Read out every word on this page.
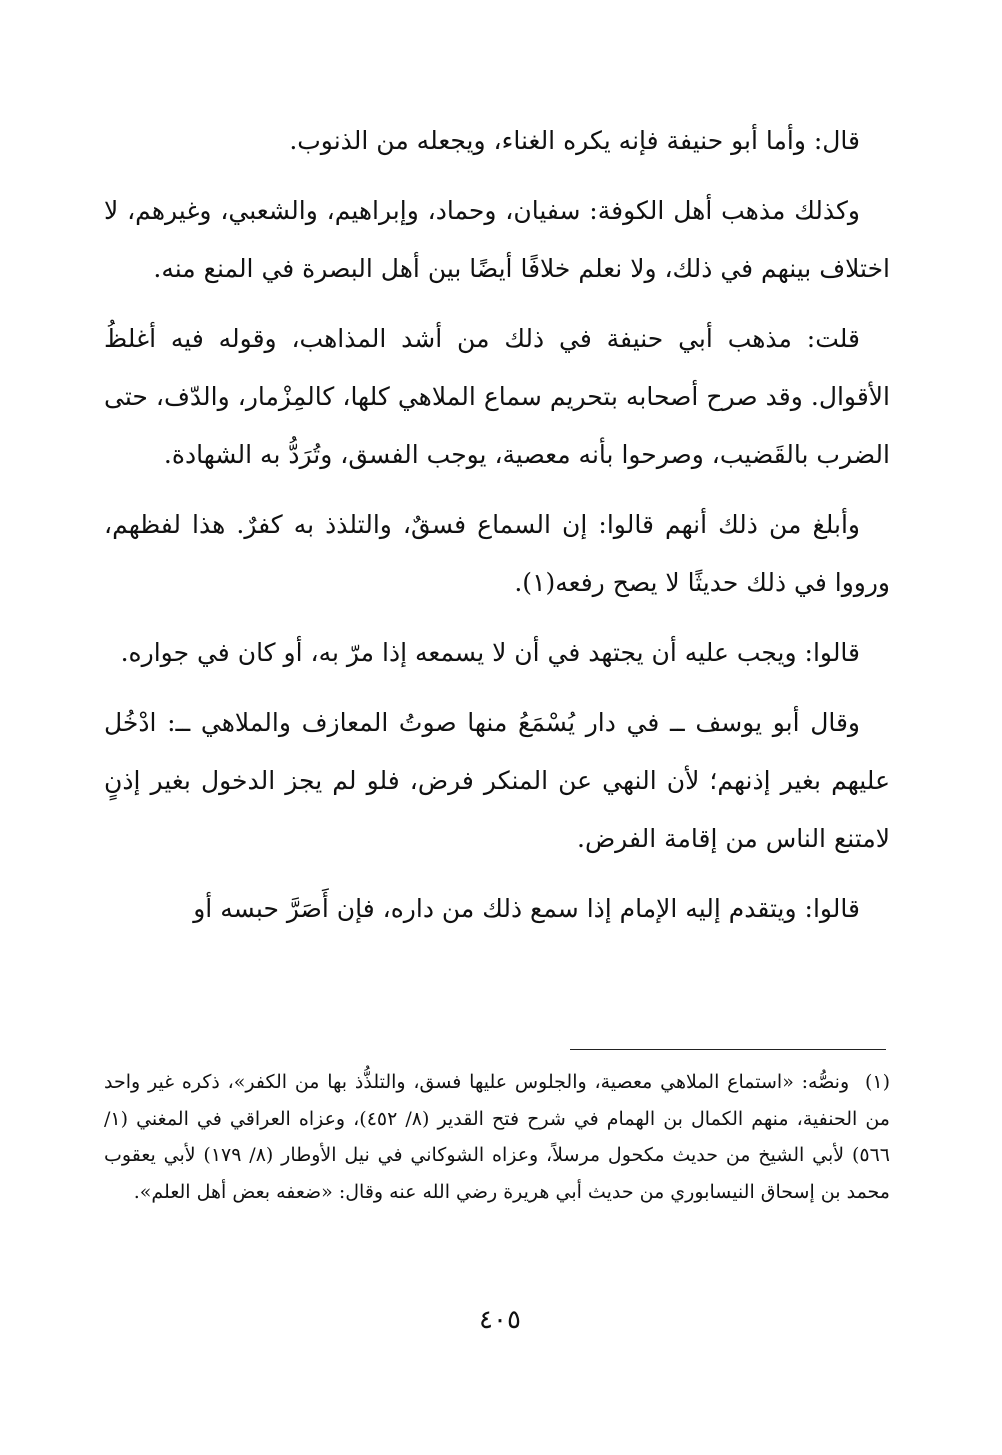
قال: وأما أبو حنيفة فإنه يكره الغناء، ويجعله من الذنوب.

وكذلك مذهب أهل الكوفة: سفيان، وحماد، وإبراهيم، والشعبي، وغيرهم، لا اختلاف بينهم في ذلك، ولا نعلم خلافًا أيضًا بين أهل البصرة في المنع منه.

قلت: مذهب أبي حنيفة في ذلك من أشد المذاهب، وقوله فيه أغلظُ الأقوال. وقد صرح أصحابه بتحريم سماع الملاهي كلها، كالمِزْمار، والدّف، حتى الضرب بالقَضيب، وصرحوا بأنه معصية، يوجب الفسق، وتُرَدُّ به الشهادة.

وأبلغ من ذلك أنهم قالوا: إن السماع فسقٌ، والتلذذ به كفرٌ. هذا لفظهم، ورووا في ذلك حديثًا لا يصح رفعه(١).

قالوا: ويجب عليه أن يجتهد في أن لا يسمعه إذا مرّ به، أو كان في جواره.

وقال أبو يوسف ــ في دار يُسْمَعُ منها صوتُ المعازف والملاهي ــ: ادْخُل عليهم بغير إذنهم؛ لأن النهي عن المنكر فرض، فلو لم يجز الدخول بغير إذنٍ لامتنع الناس من إقامة الفرض.

قالوا: ويتقدم إليه الإمام إذا سمع ذلك من داره، فإن أَصَرَّ حبسه أو

(١) ونصُّه: «استماع الملاهي معصية، والجلوس عليها فسق، والتلذُّذ بها من الكفر»، ذكره غير واحد من الحنفية، منهم الكمال بن الهمام في شرح فتح القدير (٨/ ٤٥٢)، وعزاه العراقي في المغني (١/ ٥٦٦) لأبي الشيخ من حديث مكحول مرسلاً، وعزاه الشوكاني في نيل الأوطار (٨/ ١٧٩) لأبي يعقوب محمد بن إسحاق النيسابوري من حديث أبي هريرة رضي الله عنه وقال: «ضعفه بعض أهل العلم».
٤٠٥
